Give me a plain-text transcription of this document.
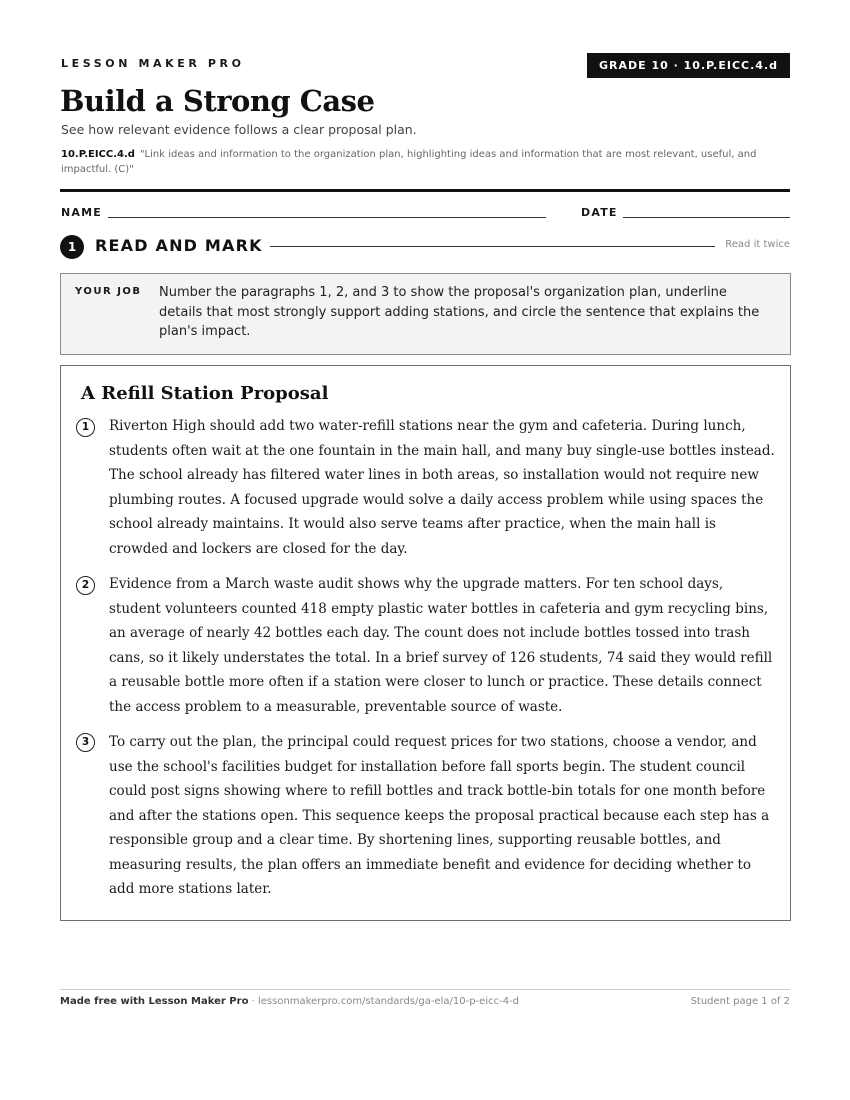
LESSON MAKER PRO	GRADE 10 · 10.P.EICC.4.d
Build a Strong Case
See how relevant evidence follows a clear proposal plan.
10.P.EICC.4.d "Link ideas and information to the organization plan, highlighting ideas and information that are most relevant, useful, and impactful. (C)"
NAME	DATE
1	READ AND MARK	Read it twice
YOUR JOB Number the paragraphs 1, 2, and 3 to show the proposal's organization plan, underline details that most strongly support adding stations, and circle the sentence that explains the plan's impact.
A Refill Station Proposal
1	Riverton High should add two water-refill stations near the gym and cafeteria. During lunch, students often wait at the one fountain in the main hall, and many buy single-use bottles instead. The school already has filtered water lines in both areas, so installation would not require new plumbing routes. A focused upgrade would solve a daily access problem while using spaces the school already maintains. It would also serve teams after practice, when the main hall is crowded and lockers are closed for the day.

2	Evidence from a March waste audit shows why the upgrade matters. For ten school days, student volunteers counted 418 empty plastic water bottles in cafeteria and gym recycling bins, an average of nearly 42 bottles each day. The count does not include bottles tossed into trash cans, so it likely understates the total. In a brief survey of 126 students, 74 said they would refill a reusable bottle more often if a station were closer to lunch or practice. These details connect the access problem to a measurable, preventable source of waste.

3	To carry out the plan, the principal could request prices for two stations, choose a vendor, and use the school's facilities budget for installation before fall sports begin. The student council could post signs showing where to refill bottles and track bottle-bin totals for one month before and after the stations open. This sequence keeps the proposal practical because each step has a responsible group and a clear time. By shortening lines, supporting reusable bottles, and measuring results, the plan offers an immediate benefit and evidence for deciding whether to add more stations later.

Made free with Lesson Maker Pro · lessonmakerpro.com/standards/ga-ela/10-p-eicc-4-d	Student page 1 of 2
